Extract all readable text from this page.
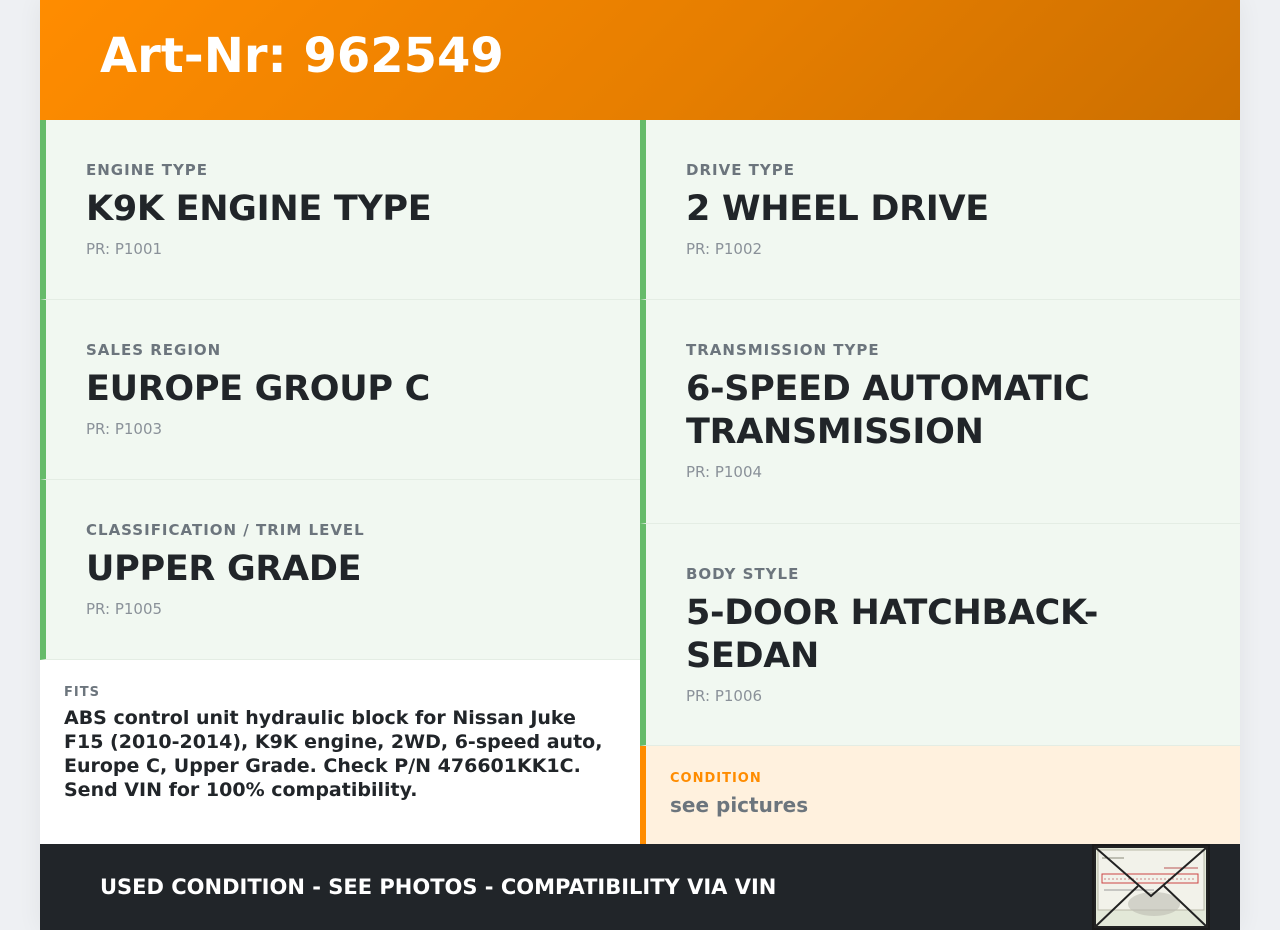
Art-Nr: 962549
ENGINE TYPE
K9K ENGINE TYPE
PR: P1001
SALES REGION
EUROPE GROUP C
PR: P1003
CLASSIFICATION / TRIM LEVEL
UPPER GRADE
PR: P1005
DRIVE TYPE
2 WHEEL DRIVE
PR: P1002
TRANSMISSION TYPE
6-SPEED AUTOMATIC TRANSMISSION
PR: P1004
BODY STYLE
5-DOOR HATCHBACK-SEDAN
PR: P1006
FITS
ABS control unit hydraulic block for Nissan Juke F15 (2010-2014), K9K engine, 2WD, 6-speed auto, Europe C, Upper Grade. Check P/N 476601KK1C. Send VIN for 100% compatibility.
CONDITION
see pictures
USED CONDITION - SEE PHOTOS - COMPATIBILITY VIA VIN
